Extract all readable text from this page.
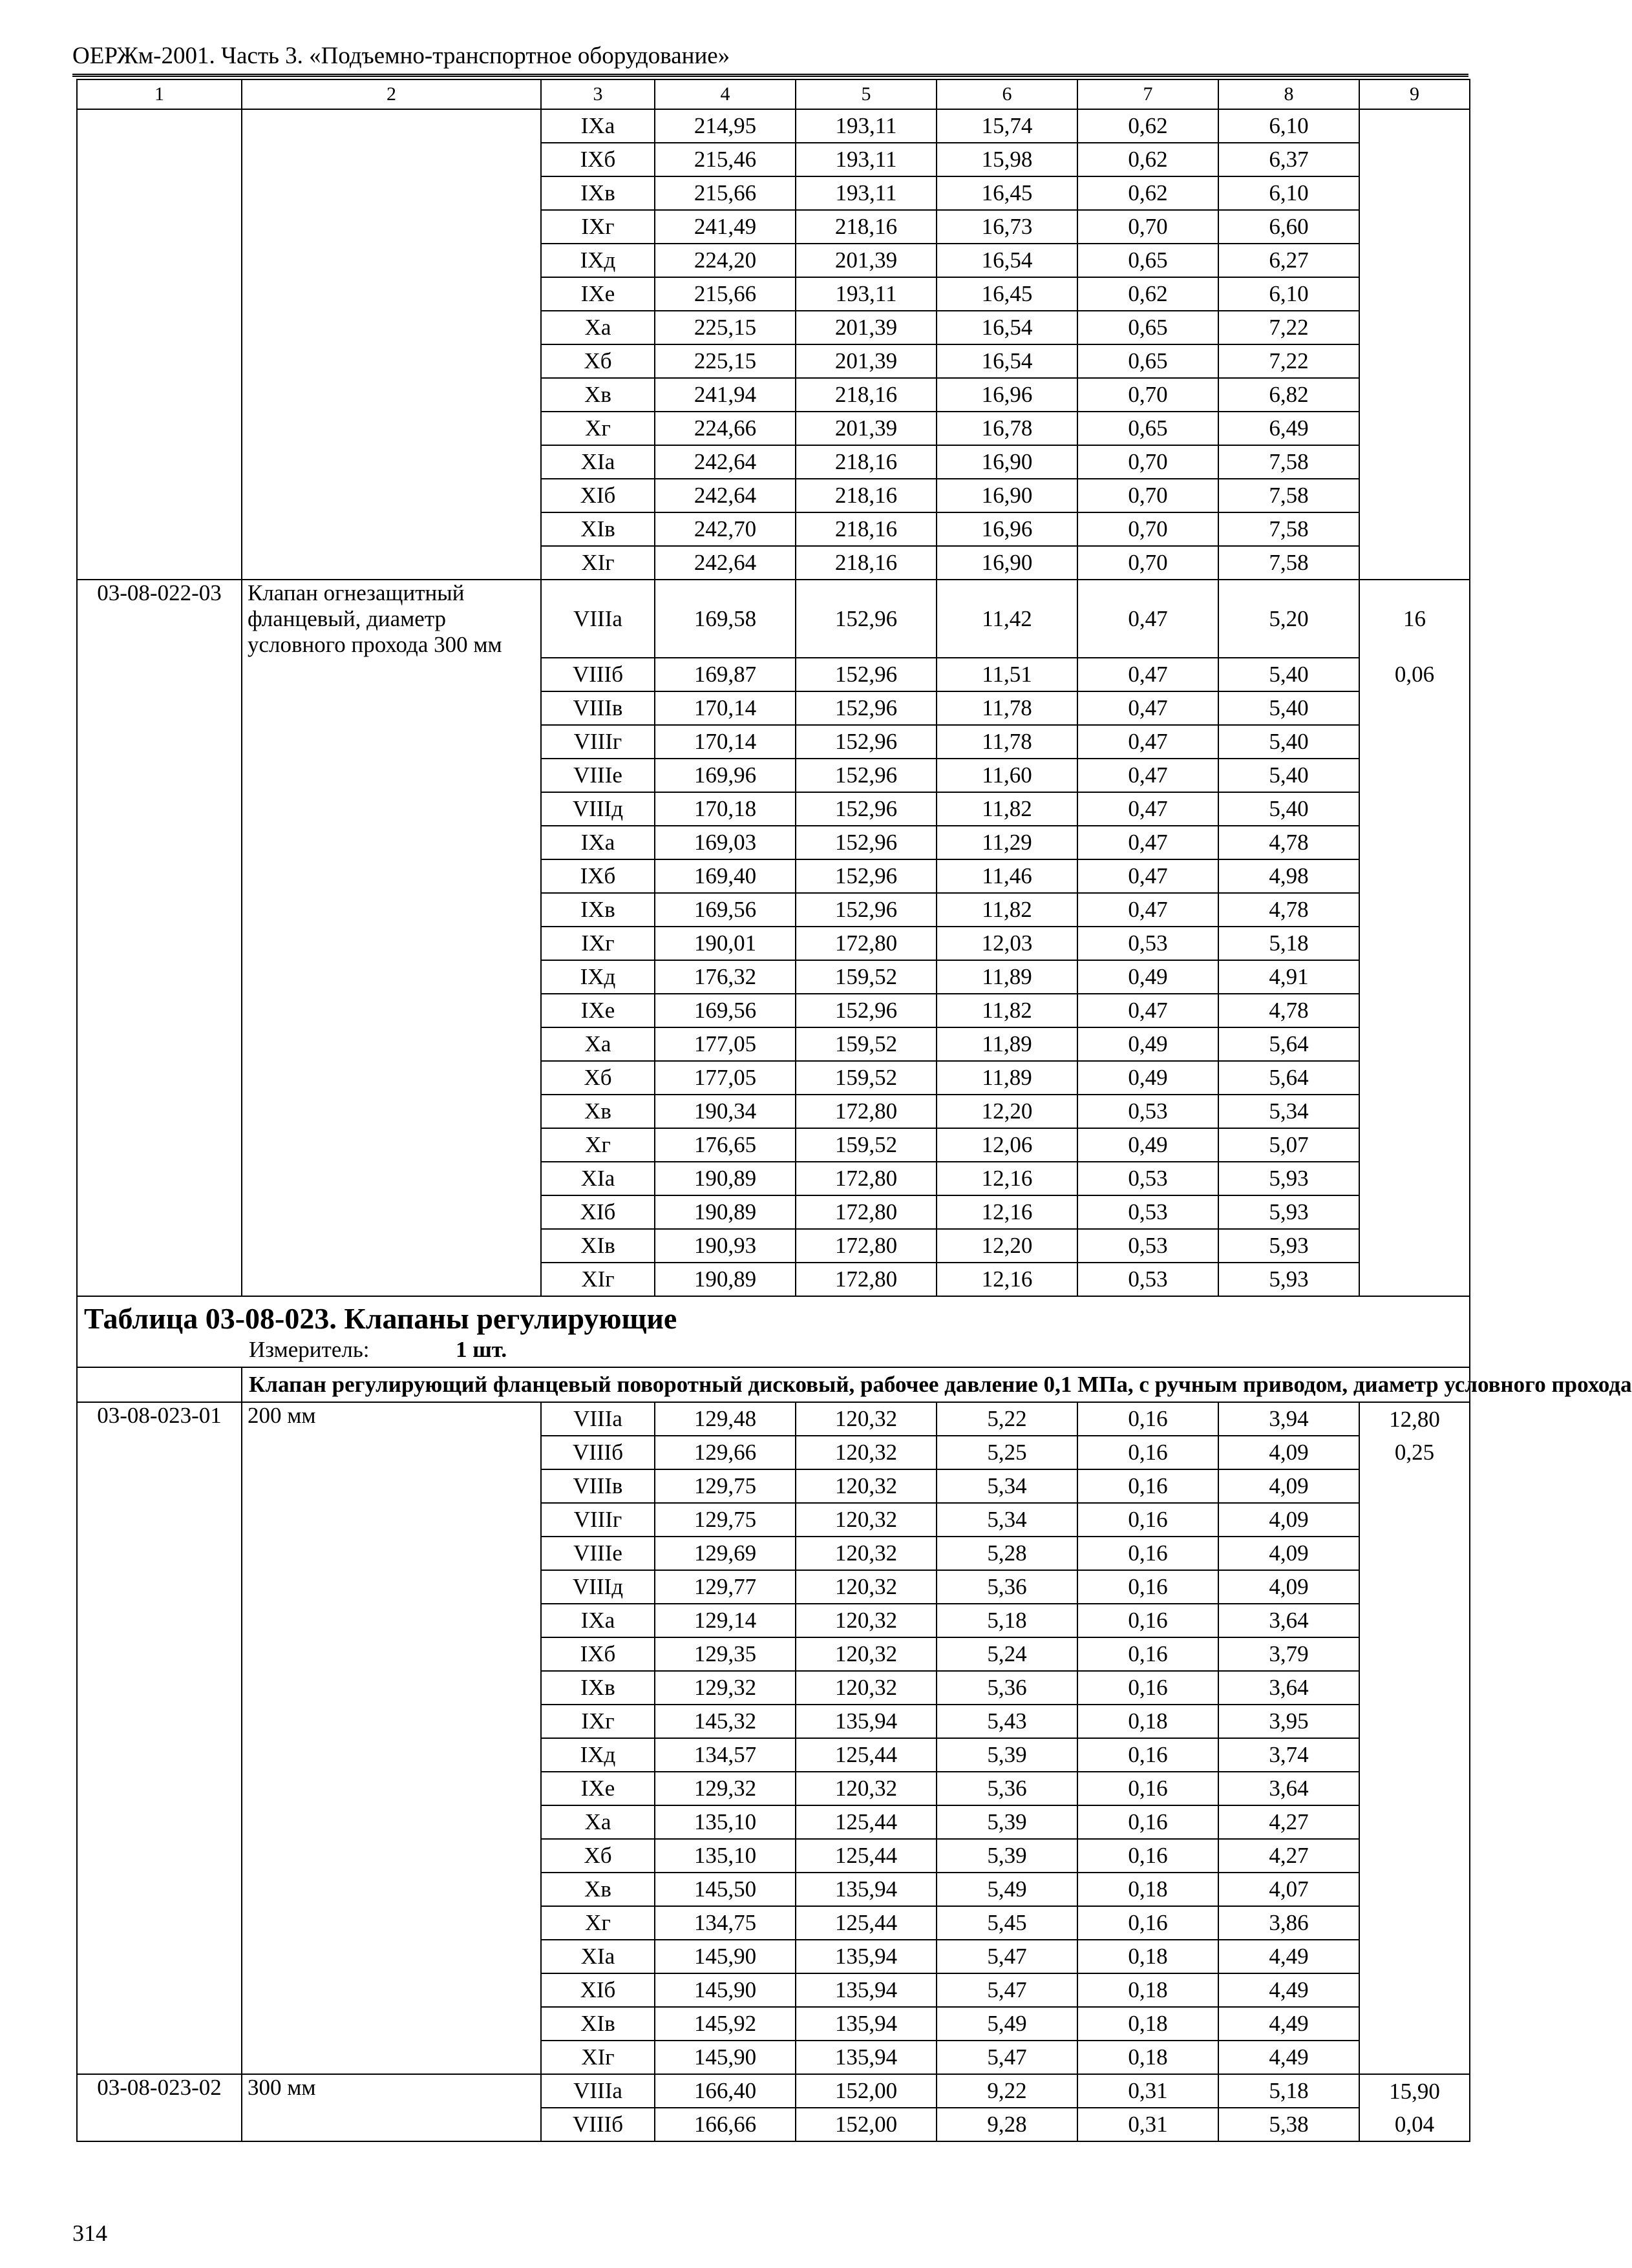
ОЕРЖм-2001. Часть 3. «Подъемно-транспортное оборудование»
1	2	3	4	5	6	7	8	9
		IXа	214,95	193,11	15,74	0,62	6,10	
		IXб	215,46	193,11	15,98	0,62	6,37	
		IXв	215,66	193,11	16,45	0,62	6,10	
		IXг	241,49	218,16	16,73	0,70	6,60	
		IXд	224,20	201,39	16,54	0,65	6,27	
		IXе	215,66	193,11	16,45	0,62	6,10	
		Xа	225,15	201,39	16,54	0,65	7,22	
		Xб	225,15	201,39	16,54	0,65	7,22	
		Xв	241,94	218,16	16,96	0,70	6,82	
		Xг	224,66	201,39	16,78	0,65	6,49	
		XIа	242,64	218,16	16,90	0,70	7,58	
		XIб	242,64	218,16	16,90	0,70	7,58	
		XIв	242,70	218,16	16,96	0,70	7,58	
		XIг	242,64	218,16	16,90	0,70	7,58	
03-08-022-03	Клапан огнезащитный фланцевый, диаметр условного прохода 300 мм	VIIIа	169,58	152,96	11,42	0,47	5,20	16
		VIIIб	169,87	152,96	11,51	0,47	5,40	0,06
		VIIIв	170,14	152,96	11,78	0,47	5,40	
		VIIIг	170,14	152,96	11,78	0,47	5,40	
		VIIIе	169,96	152,96	11,60	0,47	5,40	
		VIIIд	170,18	152,96	11,82	0,47	5,40	
		IXа	169,03	152,96	11,29	0,47	4,78	
		IXб	169,40	152,96	11,46	0,47	4,98	
		IXв	169,56	152,96	11,82	0,47	4,78	
		IXг	190,01	172,80	12,03	0,53	5,18	
		IXд	176,32	159,52	11,89	0,49	4,91	
		IXе	169,56	152,96	11,82	0,47	4,78	
		Xа	177,05	159,52	11,89	0,49	5,64	
		Xб	177,05	159,52	11,89	0,49	5,64	
		Xв	190,34	172,80	12,20	0,53	5,34	
		Xг	176,65	159,52	12,06	0,49	5,07	
		XIа	190,89	172,80	12,16	0,53	5,93	
		XIб	190,89	172,80	12,16	0,53	5,93	
		XIв	190,93	172,80	12,20	0,53	5,93	
		XIг	190,89	172,80	12,16	0,53	5,93	

Таблица 03-08-023. Клапаны регулирующие
Измеритель: 1 шт.								

	Клапан регулирующий фланцевый поворотный дисковый, рабочее давление 0,1 МПа, с ручным приводом, диаметр условного прохода							
03-08-023-01	200 мм	VIIIа	129,48	120,32	5,22	0,16	3,94	12,80
		VIIIб	129,66	120,32	5,25	0,16	4,09	0,25
		VIIIв	129,75	120,32	5,34	0,16	4,09	
		VIIIг	129,75	120,32	5,34	0,16	4,09	
		VIIIе	129,69	120,32	5,28	0,16	4,09	
		VIIIд	129,77	120,32	5,36	0,16	4,09	
		IXа	129,14	120,32	5,18	0,16	3,64	
		IXб	129,35	120,32	5,24	0,16	3,79	
		IXв	129,32	120,32	5,36	0,16	3,64	
		IXг	145,32	135,94	5,43	0,18	3,95	
		IXд	134,57	125,44	5,39	0,16	3,74	
		IXе	129,32	120,32	5,36	0,16	3,64	
		Xа	135,10	125,44	5,39	0,16	4,27	
		Xб	135,10	125,44	5,39	0,16	4,27	
		Xв	145,50	135,94	5,49	0,18	4,07	
		Xг	134,75	125,44	5,45	0,16	3,86	
		XIа	145,90	135,94	5,47	0,18	4,49	
		XIб	145,90	135,94	5,47	0,18	4,49	
		XIв	145,92	135,94	5,49	0,18	4,49	
		XIг	145,90	135,94	5,47	0,18	4,49	
03-08-023-02	300 мм	VIIIа	166,40	152,00	9,22	0,31	5,18	15,90
		VIIIб	166,66	152,00	9,28	0,31	5,38	0,04
314
